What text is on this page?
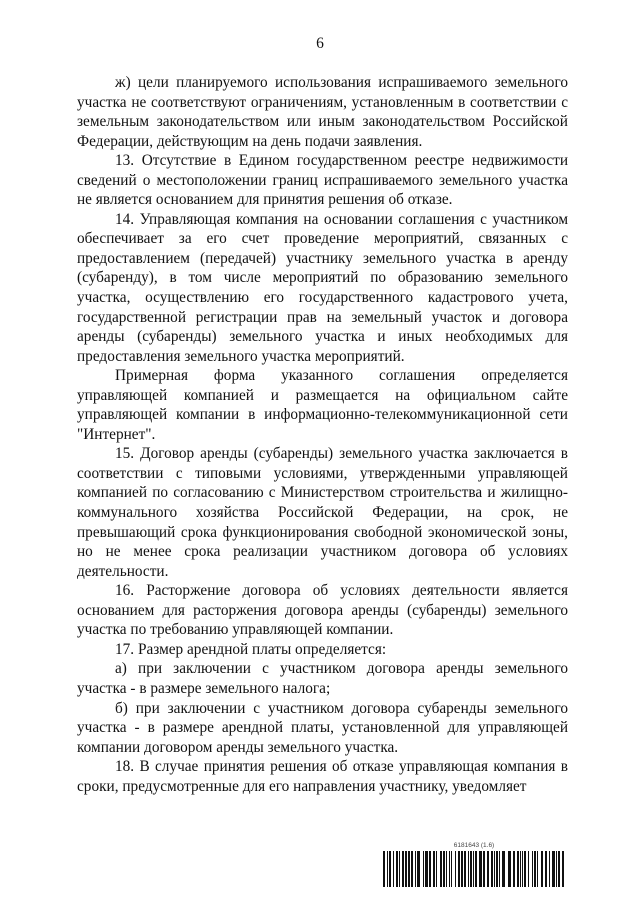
6

ж) цели планируемого использования испрашиваемого земельного участка не соответствуют ограничениям, установленным в соответствии с земельным законодательством или иным законодательством Российской Федерации, действующим на день подачи заявления.

13. Отсутствие в Едином государственном реестре недвижимости сведений о местоположении границ испрашиваемого земельного участка не является основанием для принятия решения об отказе.

14. Управляющая компания на основании соглашения с участником обеспечивает за его счет проведение мероприятий, связанных с предоставлением (передачей) участнику земельного участка в аренду (субаренду), в том числе мероприятий по образованию земельного участка, осуществлению его государственного кадастрового учета, государственной регистрации прав на земельный участок и договора аренды (субаренды) земельного участка и иных необходимых для предоставления земельного участка мероприятий.

Примерная форма указанного соглашения определяется управляющей компанией и размещается на официальном сайте управляющей компании в информационно-телекоммуникационной сети "Интернет".

15. Договор аренды (субаренды) земельного участка заключается в соответствии с типовыми условиями, утвержденными управляющей компанией по согласованию с Министерством строительства и жилищно-коммунального хозяйства Российской Федерации, на срок, не превышающий срока функционирования свободной экономической зоны, но не менее срока реализации участником договора об условиях деятельности.

16. Расторжение договора об условиях деятельности является основанием для расторжения договора аренды (субаренды) земельного участка по требованию управляющей компании.

17. Размер арендной платы определяется:

а) при заключении с участником договора аренды земельного участка - в размере земельного налога;

б) при заключении с участником договора субаренды земельного участка - в размере арендной платы, установленной для управляющей компании договором аренды земельного участка.

18. В случае принятия решения об отказе управляющая компания в сроки, предусмотренные для его направления участнику, уведомляет

6181643 (1.6)
